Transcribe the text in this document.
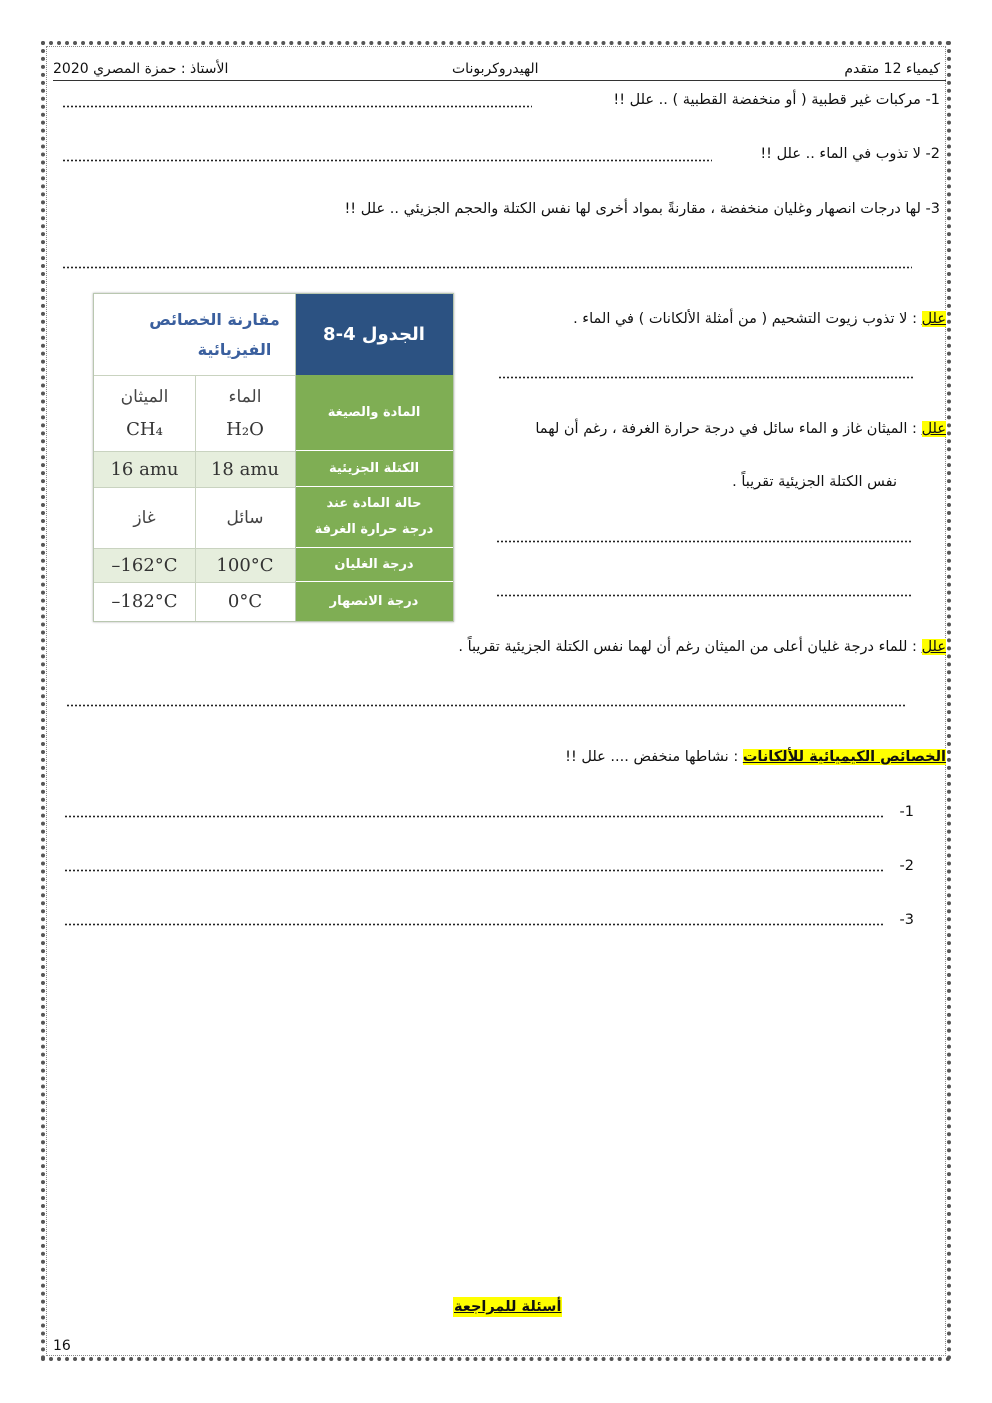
كيمياء 12 متقدم
الهيدروكربونات
الأستاذ : حمزة المصري 2020
1- مركبات غير قطبية ( أو منخفضة القطبية ) .. علل !!
2- لا تذوب في الماء .. علل !!
3- لها درجات انصهار وغليان منخفضة ، مقارنةً بمواد أخرى لها نفس الكتلة والحجم الجزيئي .. علل !!
علل : لا تذوب زيوت التشحيم ( من أمثلة الألكانات ) في الماء .
علل : الميثان غاز و الماء سائل في درجة حرارة الغرفة ، رغم أن لهما
نفس الكتلة الجزيئية تقريباً .
الجدول 4-8
مقارنة الخصائص
الفيزيائية
المادة والصيغة
الماء
H₂O
الميثان
CH₄
الكتلة الجزيئية
18 amu
16 amu
حالة المادة عند
درجة حرارة الغرفة
سائل
غاز
درجة الغليان
100°C
–162°C
درجة الانصهار
0°C
–182°C
علل : للماء درجة غليان أعلى من الميثان رغم أن لهما نفس الكتلة الجزيئية تقريباً .
الخصائص الكيميائية للألكانات : نشاطها منخفض .... علل !!
-1
-2
-3
أسئلة للمراجعة
16
